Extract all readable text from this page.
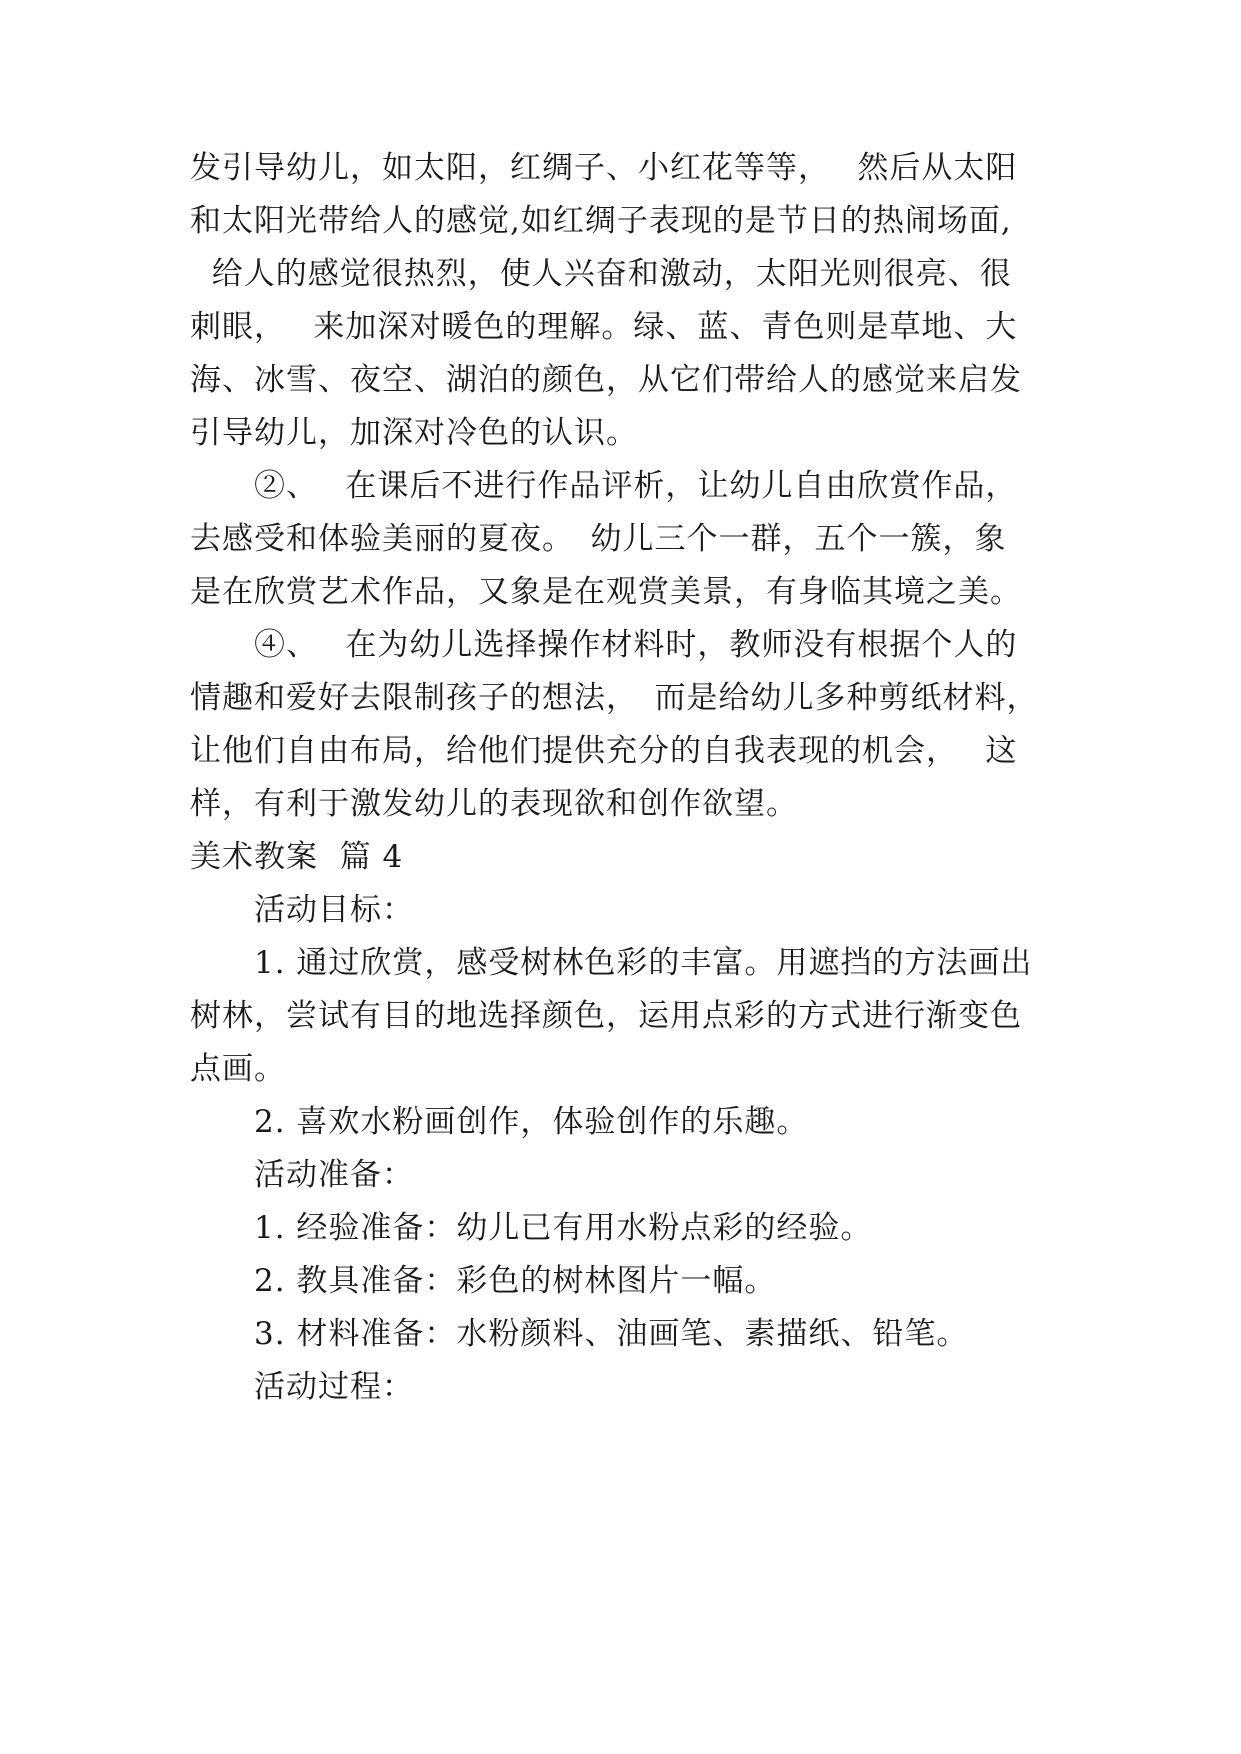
发引导幼儿，如太阳，红绸子、小红花等等，　 然后从太阳
和太阳光带给人的感觉,如红绸子表现的是节日的热闹场面,
给人的感觉很热烈，使人兴奋和激动，太阳光则很亮、很
刺眼，　 来加深对暖色的理解。绿、蓝、青色则是草地、大
海、冰雪、夜空、湖泊的颜色，从它们带给人的感觉来启发
引导幼儿，加深对冷色的认识。
　　②、　 在课后不进行作品评析，让幼儿自由欣赏作品，
去感受和体验美丽的夏夜。　幼儿三个一群，五个一簇，象
是在欣赏艺术作品，又象是在观赏美景，有身临其境之美。
　　④、　 在为幼儿选择操作材料时，教师没有根据个人的
情趣和爱好去限制孩子的想法，　而是给幼儿多种剪纸材料，
让他们自由布局，给他们提供充分的自我表现的机会，　 这
样，有利于激发幼儿的表现欲和创作欲望。
美术教案  篇 4
　　活动目标：
　　1. 通过欣赏，感受树林色彩的丰富。用遮挡的方法画出
树林，尝试有目的地选择颜色，运用点彩的方式进行渐变色
点画。
　　2. 喜欢水粉画创作，体验创作的乐趣。
　　活动准备：
　　1. 经验准备：幼儿已有用水粉点彩的经验。
　　2. 教具准备：彩色的树林图片一幅。
　　3. 材料准备：水粉颜料、油画笔、素描纸、铅笔。
　　活动过程：
